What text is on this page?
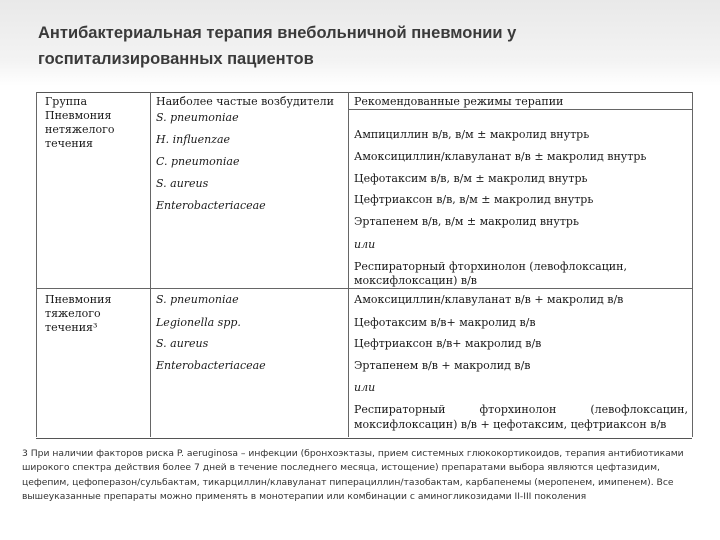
Антибактериальная терапия внебольничной пневмонии у госпитализированных пациентов
Группа
Пневмония
нетяжелого
течения
Наиболее частые возбудители	Рекомендованные режимы терапии
S. pneumoniae
H. influenzae
C. pneumoniae
S. aureus
Enterobacteriaceae
Ампициллин в/в, в/м ± макролид внутрь
Амоксициллин/клавуланат в/в ± макролид внутрь
Цефотаксим в/в, в/м ± макролид внутрь
Цефтриаксон в/в, в/м ± макролид внутрь
Эртапенем в/в, в/м ± макролид внутрь
или
Респираторный фторхинолон (левофлоксацин,
моксифлоксацин) в/в
Пневмония
тяжелого
течения³
S. pneumoniae
Legionella spp.
S. aureus
Enterobacteriaceae
Амоксициллин/клавуланат в/в + макролид в/в
Цефотаксим в/в+ макролид в/в
Цефтриаксон в/в+ макролид в/в
Эртапенем в/в + макролид в/в
или
Респираторный фторхинолон (левофлоксацин,
моксифлоксацин) в/в + цефотаксим, цефтриаксон в/в
3 При наличии факторов риска P. aeruginosa – инфекции (бронхоэктазы, прием системных глюкокортикоидов, терапия антибиотиками широкого спектра действия более 7 дней в течение последнего месяца, истощение) препаратами выбора являются цефтазидим, цефепим, цефоперазон/сульбактам, тикарциллин/клавуланат пиперациллин/тазобактам, карбапенемы (меропенем, имипенем). Все вышеуказанные препараты можно применять в монотерапии или комбинации с аминогликозидами II-III поколения
